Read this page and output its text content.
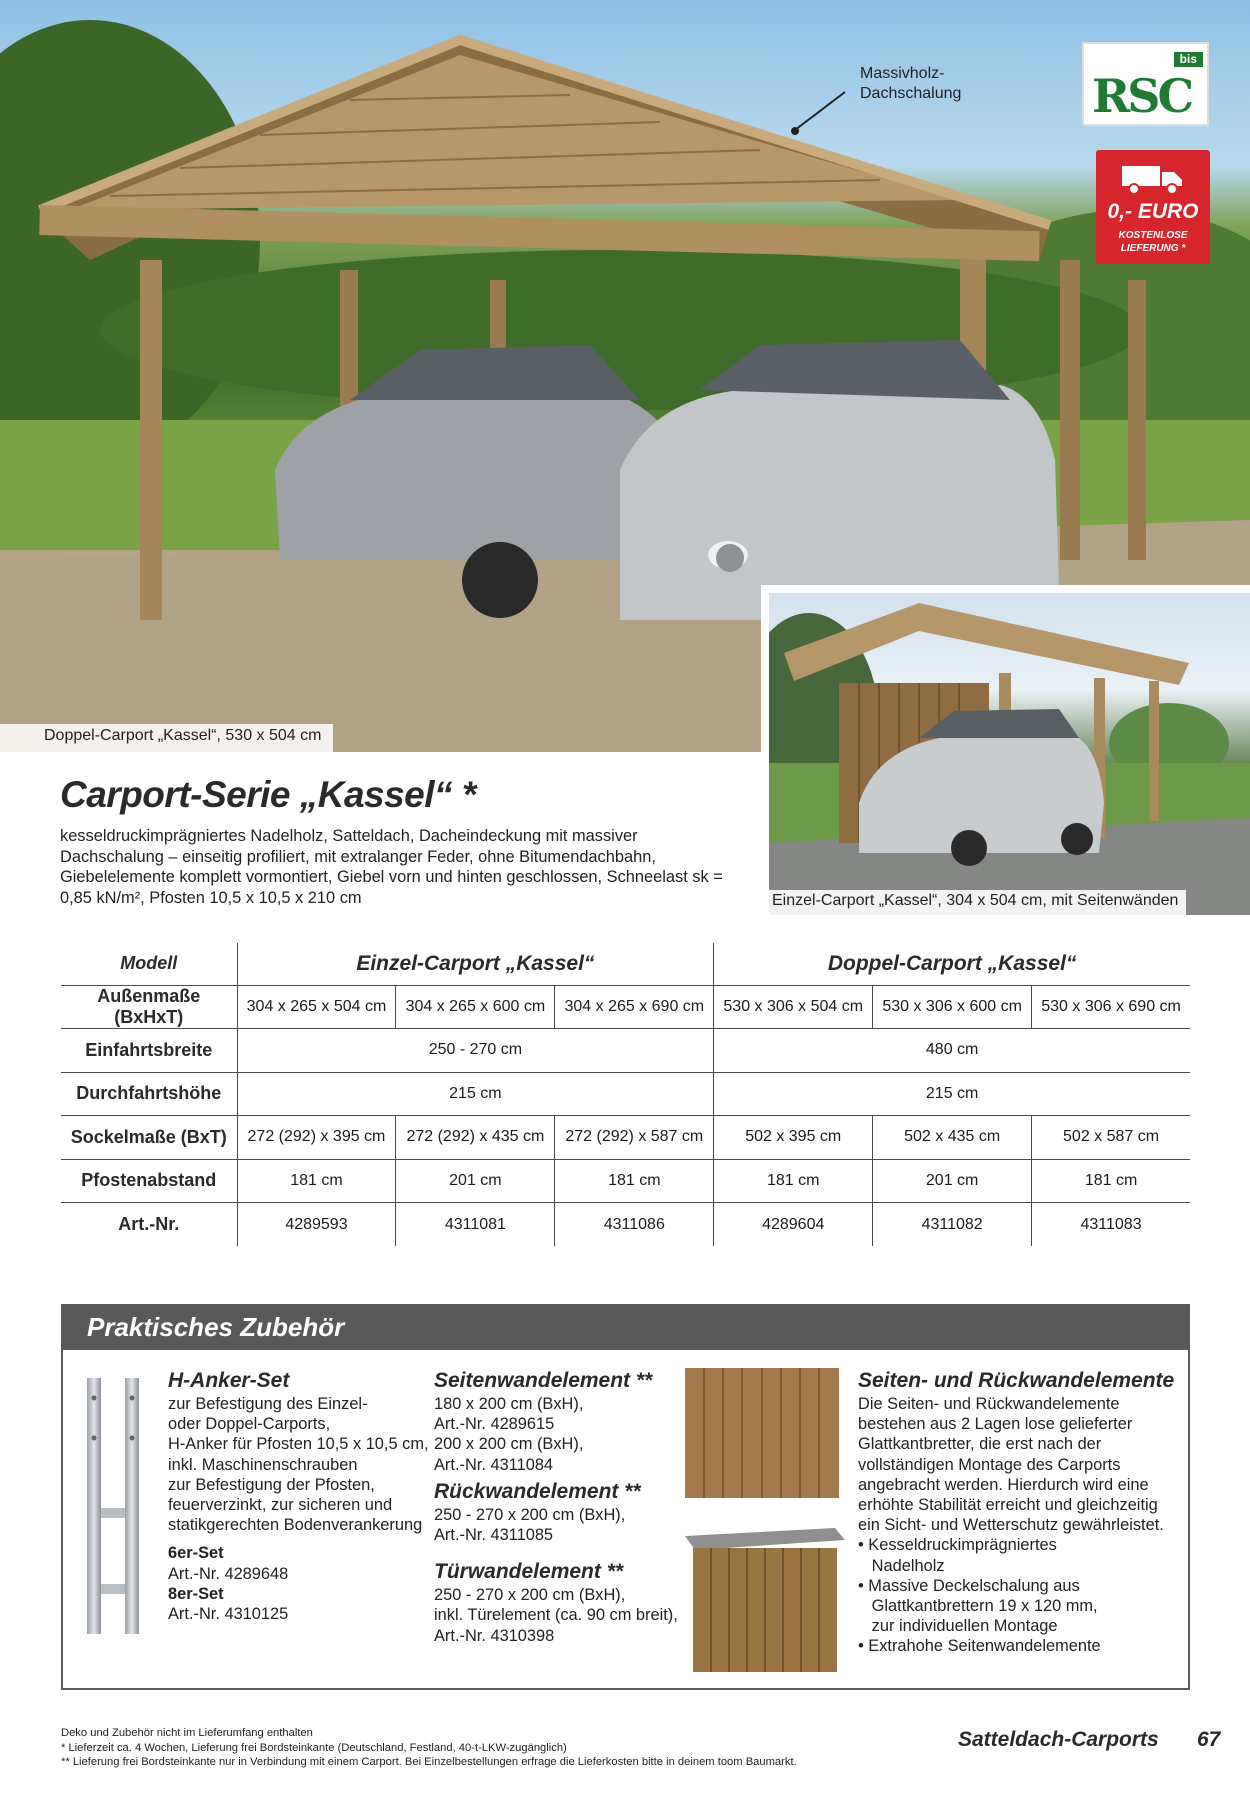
Doppel-Carport „Kassel“, 530 x 504 cm
Massivholz-
Dachschalung
bis
RSC
0,- EURO
KOSTENLOSE
LIEFERUNG *
Einzel-Carport „Kassel“, 304 x 504 cm, mit Seitenwänden
Carport-Serie „Kassel“ *

kesseldruckimprägniertes Nadelholz, Satteldach, Dacheindeckung mit massiver Dachschalung – einseitig profiliert, mit extralanger Feder, ohne Bitumendachbahn, Giebelelemente komplett vormontiert, Giebel vorn und hinten geschlossen, Schneelast sk = 0,85 kN/m², Pfosten 10,5 x 10,5 x 210 cm

Modell	Einzel-Carport „Kassel“			Doppel-Carport „Kassel“		
Außenmaße (BxHxT)	304 x 265 x 504 cm	304 x 265 x 600 cm	304 x 265 x 690 cm	530 x 306 x 504 cm	530 x 306 x 600 cm	530 x 306 x 690 cm
Einfahrtsbreite	250 - 270 cm			480 cm		
Durchfahrtshöhe	215 cm			215 cm		
Sockelmaße (BxT)	272 (292) x 395 cm	272 (292) x 435 cm	272 (292) x 587 cm	502 x 395 cm	502 x 435 cm	502 x 587 cm
Pfostenabstand	181 cm	201 cm	181 cm	181 cm	201 cm	181 cm
Art.-Nr.	4289593	4311081	4311086	4289604	4311082	4311083
Praktisches Zubehör
H-Anker-Set

zur Befestigung des Einzel-

oder Doppel-Carports,

H-Anker für Pfosten 10,5 x 10,5 cm,

inkl. Maschinenschrauben

zur Befestigung der Pfosten,

feuerverzinkt, zur sicheren und

statikgerechten Bodenverankerung

6er-Set

Art.-Nr. 4289648

8er-Set

Art.-Nr. 4310125

Seitenwandelement **

180 x 200 cm (BxH),

Art.-Nr. 4289615

200 x 200 cm (BxH),

Art.-Nr. 4311084

Rückwandelement **

250 - 270 x 200 cm (BxH),

Art.-Nr. 4311085

Türwandelement **

250 - 270 x 200 cm (BxH),

inkl. Türelement (ca. 90 cm breit),

Art.-Nr. 4310398

Seiten- und Rückwandelemente

Die Seiten- und Rückwandelemente

bestehen aus 2 Lagen lose gelieferter

Glattkantbretter, die erst nach der

vollständigen Montage des Carports

angebracht werden. Hierdurch wird eine

erhöhte Stabilität erreicht und gleichzeitig

ein Sicht- und Wetterschutz gewährleistet.

• Kesseldruckimprägniertes

Nadelholz

• Massive Deckelschalung aus

Glattkantbrettern 19 x 120 mm,

zur individuellen Montage

• Extrahohe Seitenwandelemente

Deko und Zubehör nicht im Lieferumfang enthalten
* Lieferzeit ca. 4 Wochen, Lieferung frei Bordsteinkante (Deutschland, Festland, 40-t-LKW-zugänglich)
** Lieferung frei Bordsteinkante nur in Verbindung mit einem Carport. Bei Einzelbestellungen erfrage die Lieferkosten bitte in deinem toom Baumarkt.
Satteldach-Carports 67
